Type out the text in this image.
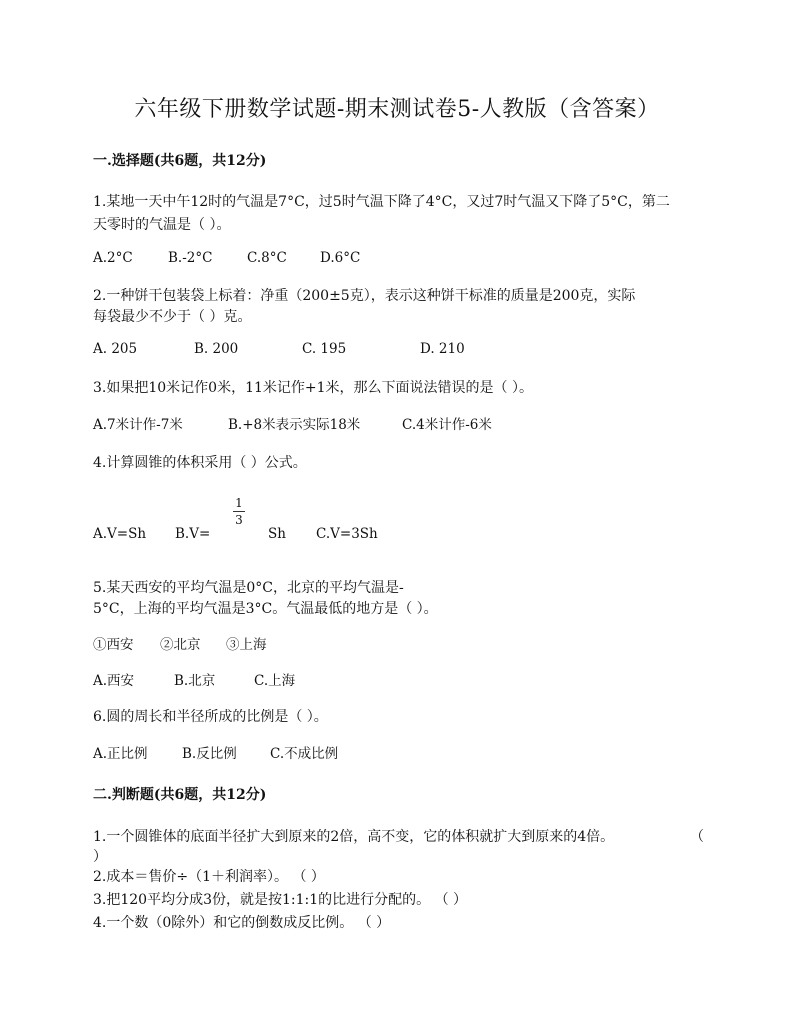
六年级下册数学试题-期末测试卷5-人教版（含答案）
一.选择题(共6题，共12分)
1.某地一天中午12时的气温是7°C，过5时气温下降了4°C，又过7时气温又下降了5°C，第二
天零时的气温是（ ）。
A.2°C	B.-2°C	C.8°C D.6°C
2.一种饼干包装袋上标着：净重（200±5克），表示这种饼干标准的质量是200克，实际
每袋最少不少于（ ）克。
A. 205	B. 200	C. 195	D. 210
3.如果把10米记作0米，11米记作+1米，那么下面说法错误的是（ ）。
A.7米计作-7米	B.+8米表示实际18米	C.4米计作-6米
4.计算圆锥的体积采用（ ）公式。
1
3
A.V=Sh B.V=	Sh C.V=3Sh
5.某天西安的平均气温是0°C，北京的平均气温是-
5°C，上海的平均气温是3°C。气温最低的地方是（ ）。
①西安 ②北京 ③上海
A.西安	B.北京	C.上海
6.圆的周长和半径所成的比例是（ ）。
A.正比例	B.反比例 C.不成比例
二.判断题(共6题，共12分)
1.一个圆锥体的底面半径扩大到原来的2倍，高不变，它的体积就扩大到原来的4倍。	（
）
2.成本＝售价÷（1＋利润率）。 （ ）
3.把120平均分成3份，就是按1:1:1的比进行分配的。 （ ）
4.一个数（0除外）和它的倒数成反比例。 （ ）
